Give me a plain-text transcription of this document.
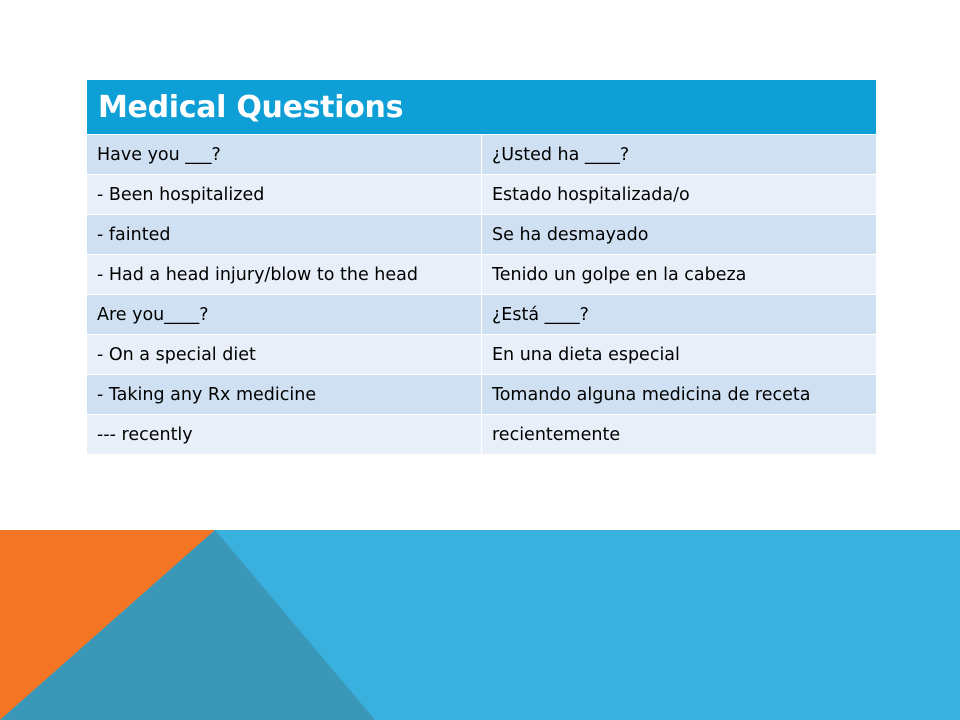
Medical Questions	
Have you ___?	¿Usted ha ____?
- Been hospitalized	Estado hospitalizada/o
- fainted	Se ha desmayado
- Had a head injury/blow to the head	Tenido un golpe en la cabeza
Are you____?	¿Está ____?
- On a special diet	En una dieta especial
- Taking any Rx medicine	Tomando alguna medicina de receta
--- recently	recientemente
